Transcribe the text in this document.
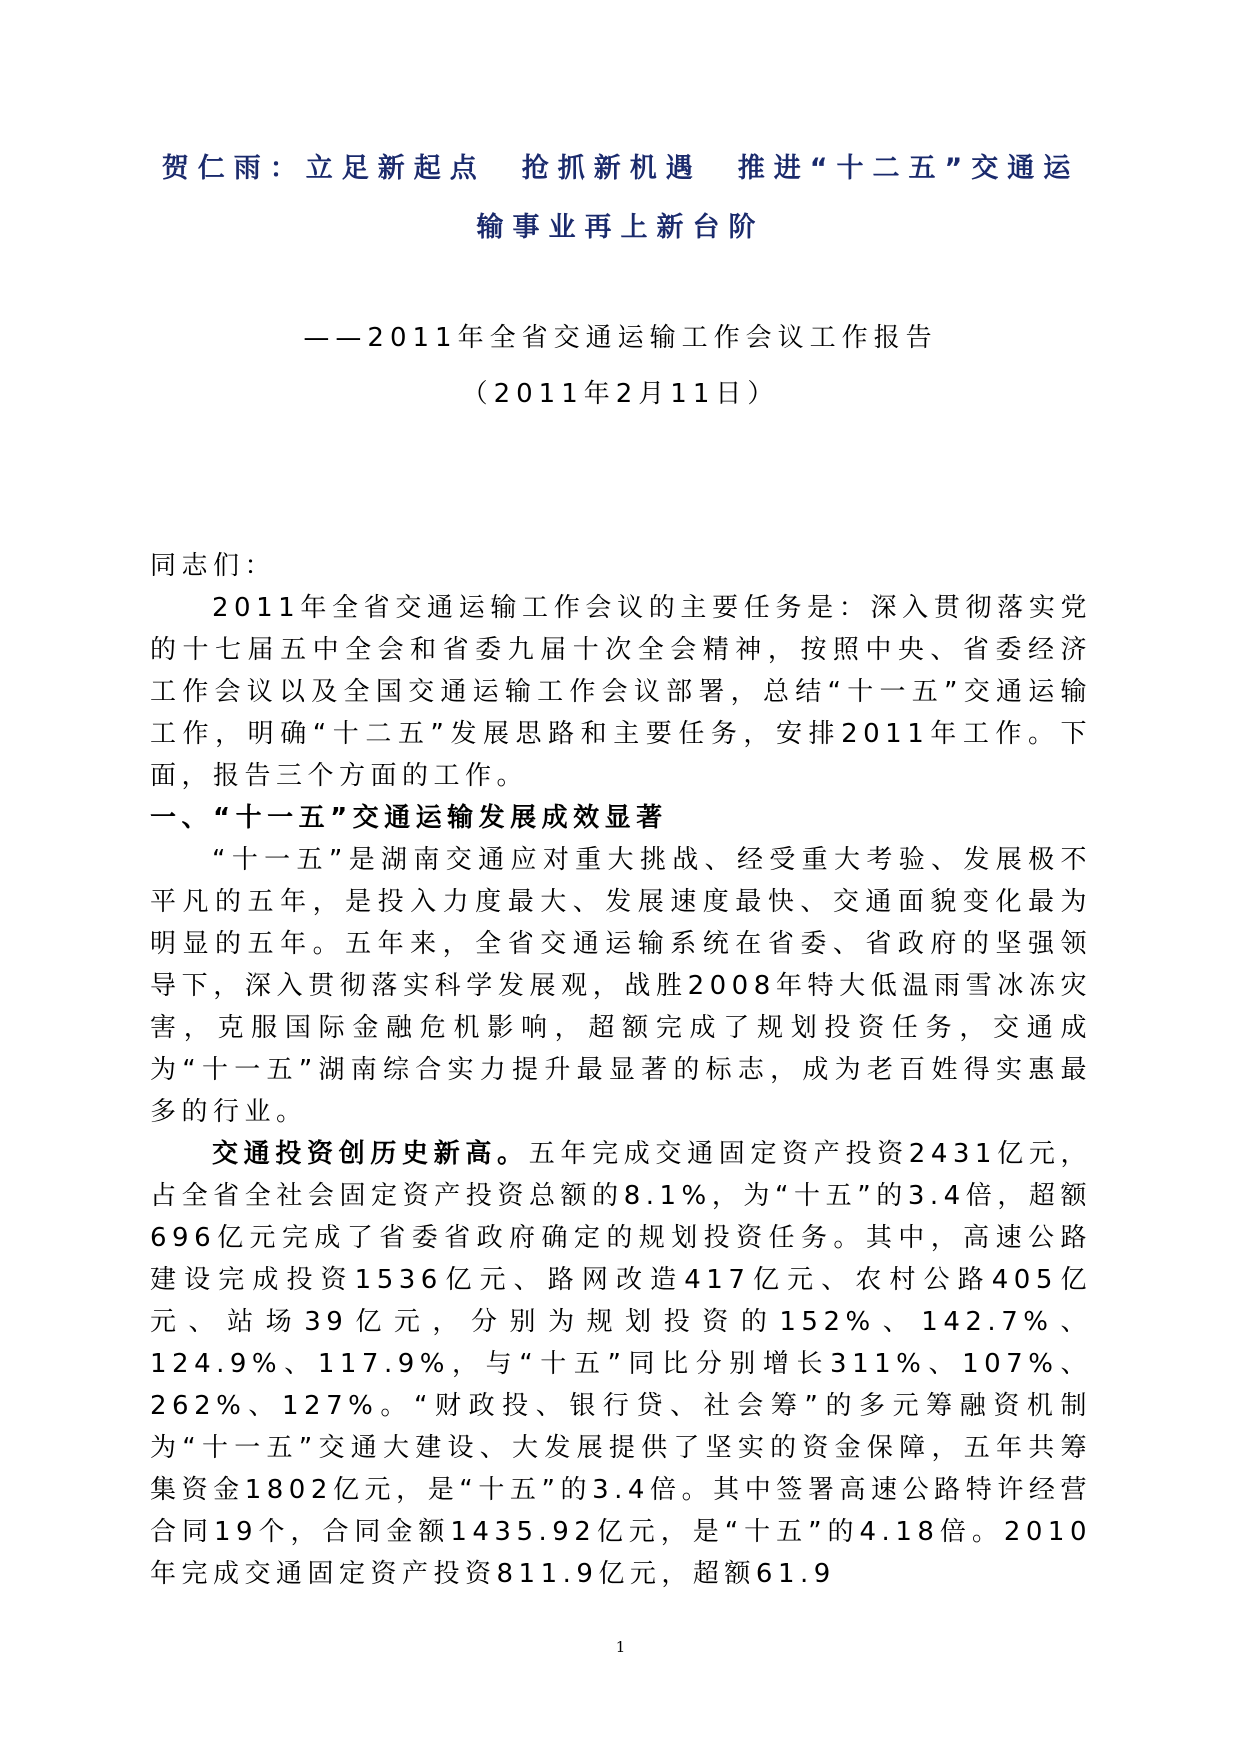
贺仁雨：立足新起点　抢抓新机遇　推进“十二五”交通运
输事业再上新台阶
——2011年全省交通运输工作会议工作报告
（2011年2月11日）

同志们：

2011年全省交通运输工作会议的主要任务是：深入贯彻落实党的十七届五中全会和省委九届十次全会精神，按照中央、省委经济工作会议以及全国交通运输工作会议部署，总结“十一五”交通运输工作，明确“十二五”发展思路和主要任务，安排2011年工作。下面，报告三个方面的工作。

一、“十一五”交通运输发展成效显著

“十一五”是湖南交通应对重大挑战、经受重大考验、发展极不平凡的五年，是投入力度最大、发展速度最快、交通面貌变化最为明显的五年。五年来，全省交通运输系统在省委、省政府的坚强领导下，深入贯彻落实科学发展观，战胜2008年特大低温雨雪冰冻灾害，克服国际金融危机影响，超额完成了规划投资任务，交通成为“十一五”湖南综合实力提升最显著的标志，成为老百姓得实惠最多的行业。

交通投资创历史新高。五年完成交通固定资产投资2431亿元，占全省全社会固定资产投资总额的8.1%，为“十五”的3.4倍，超额696亿元完成了省委省政府确定的规划投资任务。其中，高速公路建设完成投资1536亿元、路网改造417亿元、农村公路405亿元、站场39亿元，分别为规划投资的152%、142.7%、124.9%、117.9%，与“十五”同比分别增长311%、107%、262%、127%。“财政投、银行贷、社会筹”的多元筹融资机制为“十一五”交通大建设、大发展提供了坚实的资金保障，五年共筹集资金1802亿元，是“十五”的3.4倍。其中签署高速公路特许经营合同19个，合同金额1435.92亿元，是“十五”的4.18倍。2010年完成交通固定资产投资811.9亿元，超额61.9

1
